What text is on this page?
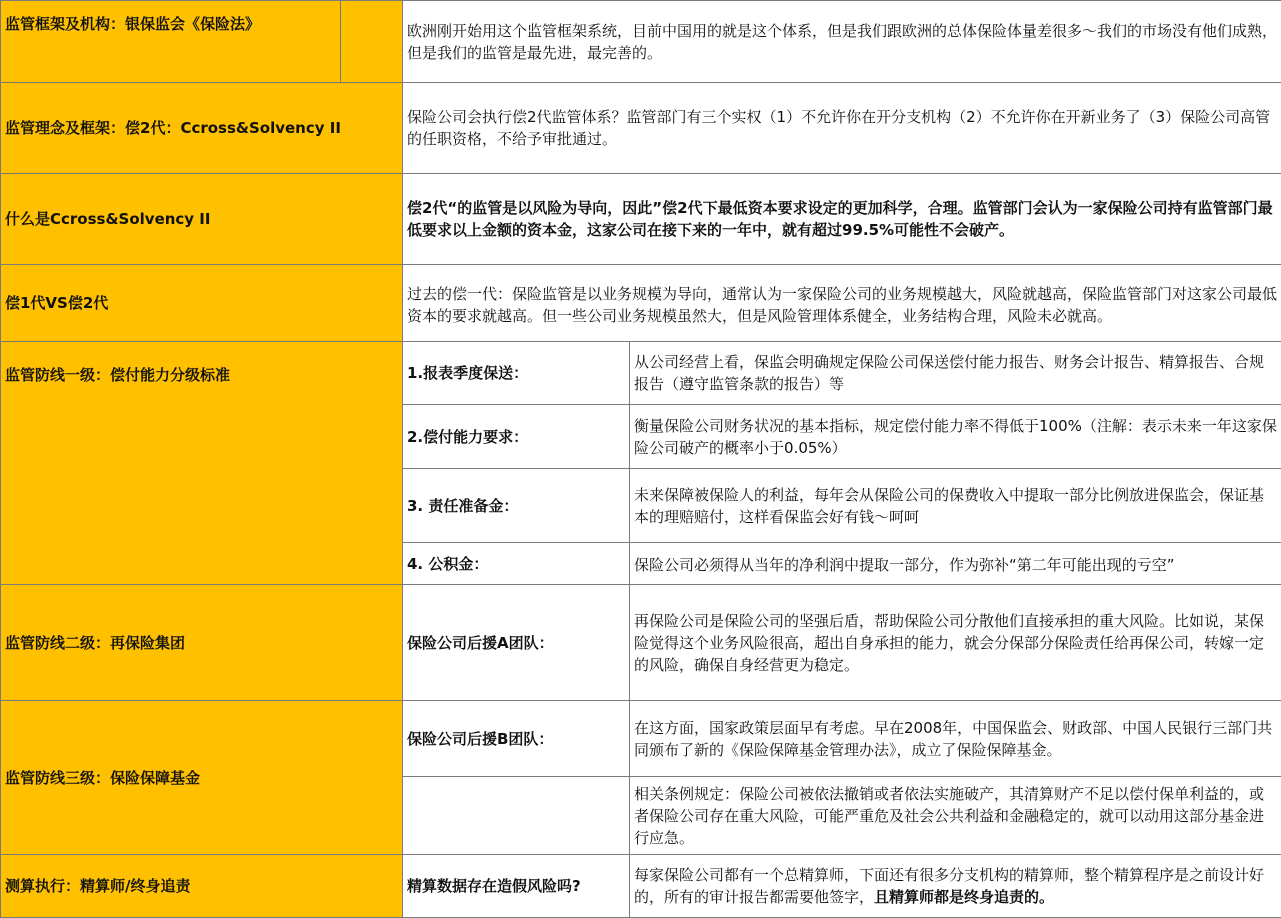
监管框架及机构：银保监会《保险法》		欧洲刚开始用这个监管框架系统，目前中国用的就是这个体系，但是我们跟欧洲的总体保险体量差很多～我们的市场没有他们成熟，但是我们的监管是最先进，最完善的。	
监管理念及框架：偿2代：Ccross&Solvency II		保险公司会执行偿2代监管体系？监管部门有三个实权（1）不允许你在开分支机构（2）不允许你在开新业务了（3）保险公司高管的任职资格，不给予审批通过。	
什么是Ccross&Solvency II		偿2代“的监管是以风险为导向，因此”偿2代下最低资本要求设定的更加科学，合理。监管部门会认为一家保险公司持有监管部门最低要求以上金额的资本金，这家公司在接下来的一年中，就有超过99.5%可能性不会破产。	
偿1代VS偿2代		过去的偿一代：保险监管是以业务规模为导向，通常认为一家保险公司的业务规模越大，风险就越高，保险监管部门对这家公司最低资本的要求就越高。但一些公司业务规模虽然大，但是风险管理体系健全，业务结构合理，风险未必就高。	
监管防线一级：偿付能力分级标准		1.报表季度保送：	从公司经营上看，保监会明确规定保险公司保送偿付能力报告、财务会计报告、精算报告、合规报告（遵守监管条款的报告）等
		2.偿付能力要求：	衡量保险公司财务状况的基本指标，规定偿付能力率不得低于100%（注解：表示未来一年这家保险公司破产的概率小于0.05%）
		3. 责任准备金：	未来保障被保险人的利益，每年会从保险公司的保费收入中提取一部分比例放进保监会，保证基本的理赔赔付，这样看保监会好有钱～呵呵
		4. 公积金：	保险公司必须得从当年的净利润中提取一部分，作为弥补“第二年可能出现的亏空”
监管防线二级：再保险集团		保险公司后援A团队：	再保险公司是保险公司的坚强后盾，帮助保险公司分散他们直接承担的重大风险。比如说，某保险觉得这个业务风险很高，超出自身承担的能力，就会分保部分保险责任给再保公司，转嫁一定的风险，确保自身经营更为稳定。
监管防线三级：保险保障基金		保险公司后援B团队：	在这方面，国家政策层面早有考虑。早在2008年，中国保监会、财政部、中国人民银行三部门共同颁布了新的《保险保障基金管理办法》，成立了保险保障基金。
			相关条例规定：保险公司被依法撤销或者依法实施破产，其清算财产不足以偿付保单利益的，或者保险公司存在重大风险，可能严重危及社会公共利益和金融稳定的，就可以动用这部分基金进行应急。
测算执行：精算师/终身追责		精算数据存在造假风险吗?	每家保险公司都有一个总精算师，下面还有很多分支机构的精算师，整个精算程序是之前设计好的，所有的审计报告都需要他签字，且精算师都是终身追责的。
